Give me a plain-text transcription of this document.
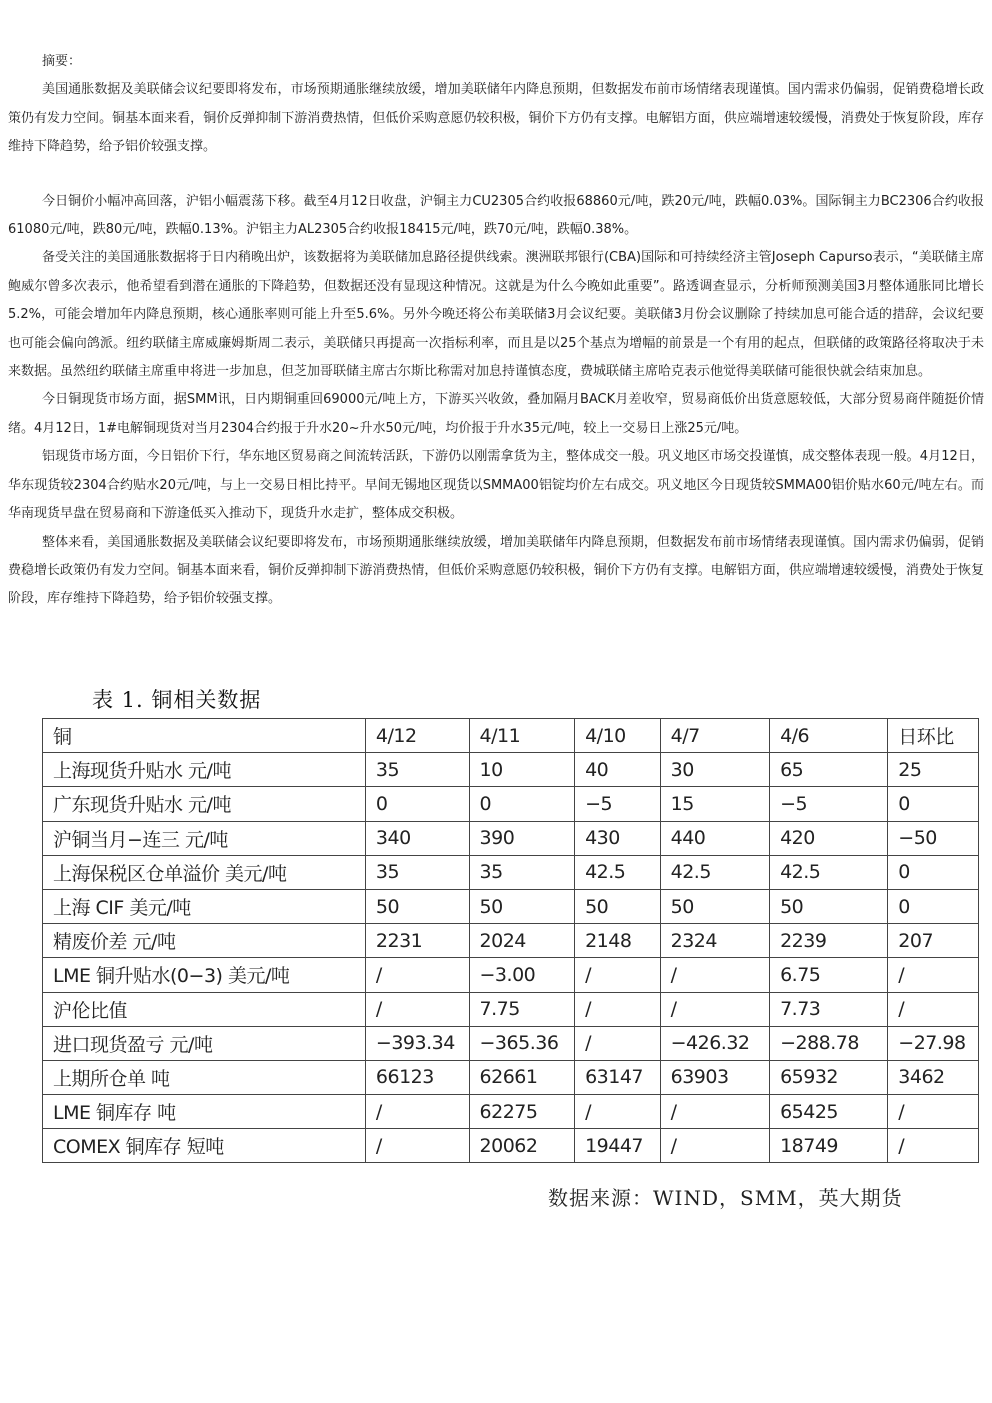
摘要：

美国通胀数据及美联储会议纪要即将发布，市场预期通胀继续放缓，增加美联储年内降息预期，但数据发布前市场情绪表现谨慎。国内需求仍偏弱，促销费稳增长政策仍有发力空间。铜基本面来看，铜价反弹抑制下游消费热情，但低价采购意愿仍较积极，铜价下方仍有支撑。电解铝方面，供应端增速较缓慢，消费处于恢复阶段，库存维持下降趋势，给予铝价较强支撑。

今日铜价小幅冲高回落，沪铝小幅震荡下移。截至4月12日收盘，沪铜主力CU2305合约收报68860元/吨，跌20元/吨，跌幅0.03%。国际铜主力BC2306合约收报61080元/吨，跌80元/吨，跌幅0.13%。沪铝主力AL2305合约收报18415元/吨，跌70元/吨，跌幅0.38%。

备受关注的美国通胀数据将于日内稍晚出炉，该数据将为美联储加息路径提供线索。澳洲联邦银行(CBA)国际和可持续经济主管Joseph Capurso表示，“美联储主席鲍威尔曾多次表示，他希望看到潜在通胀的下降趋势，但数据还没有显现这种情况。这就是为什么今晚如此重要”。路透调查显示，分析师预测美国3月整体通胀同比增长5.2%，可能会增加年内降息预期，核心通胀率则可能上升至5.6%。另外今晚还将公布美联储3月会议纪要。美联储3月份会议删除了持续加息可能合适的措辞，会议纪要也可能会偏向鸽派。纽约联储主席威廉姆斯周二表示，美联储只再提高一次指标利率，而且是以25个基点为增幅的前景是一个有用的起点，但联储的政策路径将取决于未来数据。虽然纽约联储主席重申将进一步加息，但芝加哥联储主席古尔斯比称需对加息持谨慎态度，费城联储主席哈克表示他觉得美联储可能很快就会结束加息。

今日铜现货市场方面，据SMM讯，日内期铜重回69000元/吨上方，下游买兴收敛，叠加隔月BACK月差收窄，贸易商低价出货意愿较低，大部分贸易商伴随挺价情绪。4月12日，1#电解铜现货对当月2304合约报于升水20~升水50元/吨，均价报于升水35元/吨，较上一交易日上涨25元/吨。

铝现货市场方面，今日铝价下行，华东地区贸易商之间流转活跃，下游仍以刚需拿货为主，整体成交一般。巩义地区市场交投谨慎，成交整体表现一般。4月12日，华东现货较2304合约贴水20元/吨，与上一交易日相比持平。早间无锡地区现货以SMMA00铝锭均价左右成交。巩义地区今日现货较SMMA00铝价贴水60元/吨左右。而华南现货早盘在贸易商和下游逢低买入推动下，现货升水走扩，整体成交积极。

整体来看，美国通胀数据及美联储会议纪要即将发布，市场预期通胀继续放缓，增加美联储年内降息预期，但数据发布前市场情绪表现谨慎。国内需求仍偏弱，促销费稳增长政策仍有发力空间。铜基本面来看，铜价反弹抑制下游消费热情，但低价采购意愿仍较积极，铜价下方仍有支撑。电解铝方面，供应端增速较缓慢，消费处于恢复阶段，库存维持下降趋势，给予铝价较强支撑。

表 1. 铜相关数据
铜	4/12	4/11	4/10	4/7	4/6	日环比
上海现货升贴水 元/吨	35	10	40	30	65	25
广东现货升贴水 元/吨	0	0	−5	15	−5	0
沪铜当月−连三 元/吨	340	390	430	440	420	−50
上海保税区仓单溢价 美元/吨	35	35	42.5	42.5	42.5	0
上海 CIF 美元/吨	50	50	50	50	50	0
精废价差 元/吨	2231	2024	2148	2324	2239	207
LME 铜升贴水(0−3) 美元/吨	/	−3.00	/	/	6.75	/
沪伦比值	/	7.75	/	/	7.73	/
进口现货盈亏 元/吨	−393.34	−365.36	/	−426.32	−288.78	−27.98
上期所仓单 吨	66123	62661	63147	63903	65932	3462
LME 铜库存 吨	/	62275	/	/	65425	/
COMEX 铜库存 短吨	/	20062	19447	/	18749	/
数据来源：WIND，SMM，英大期货
